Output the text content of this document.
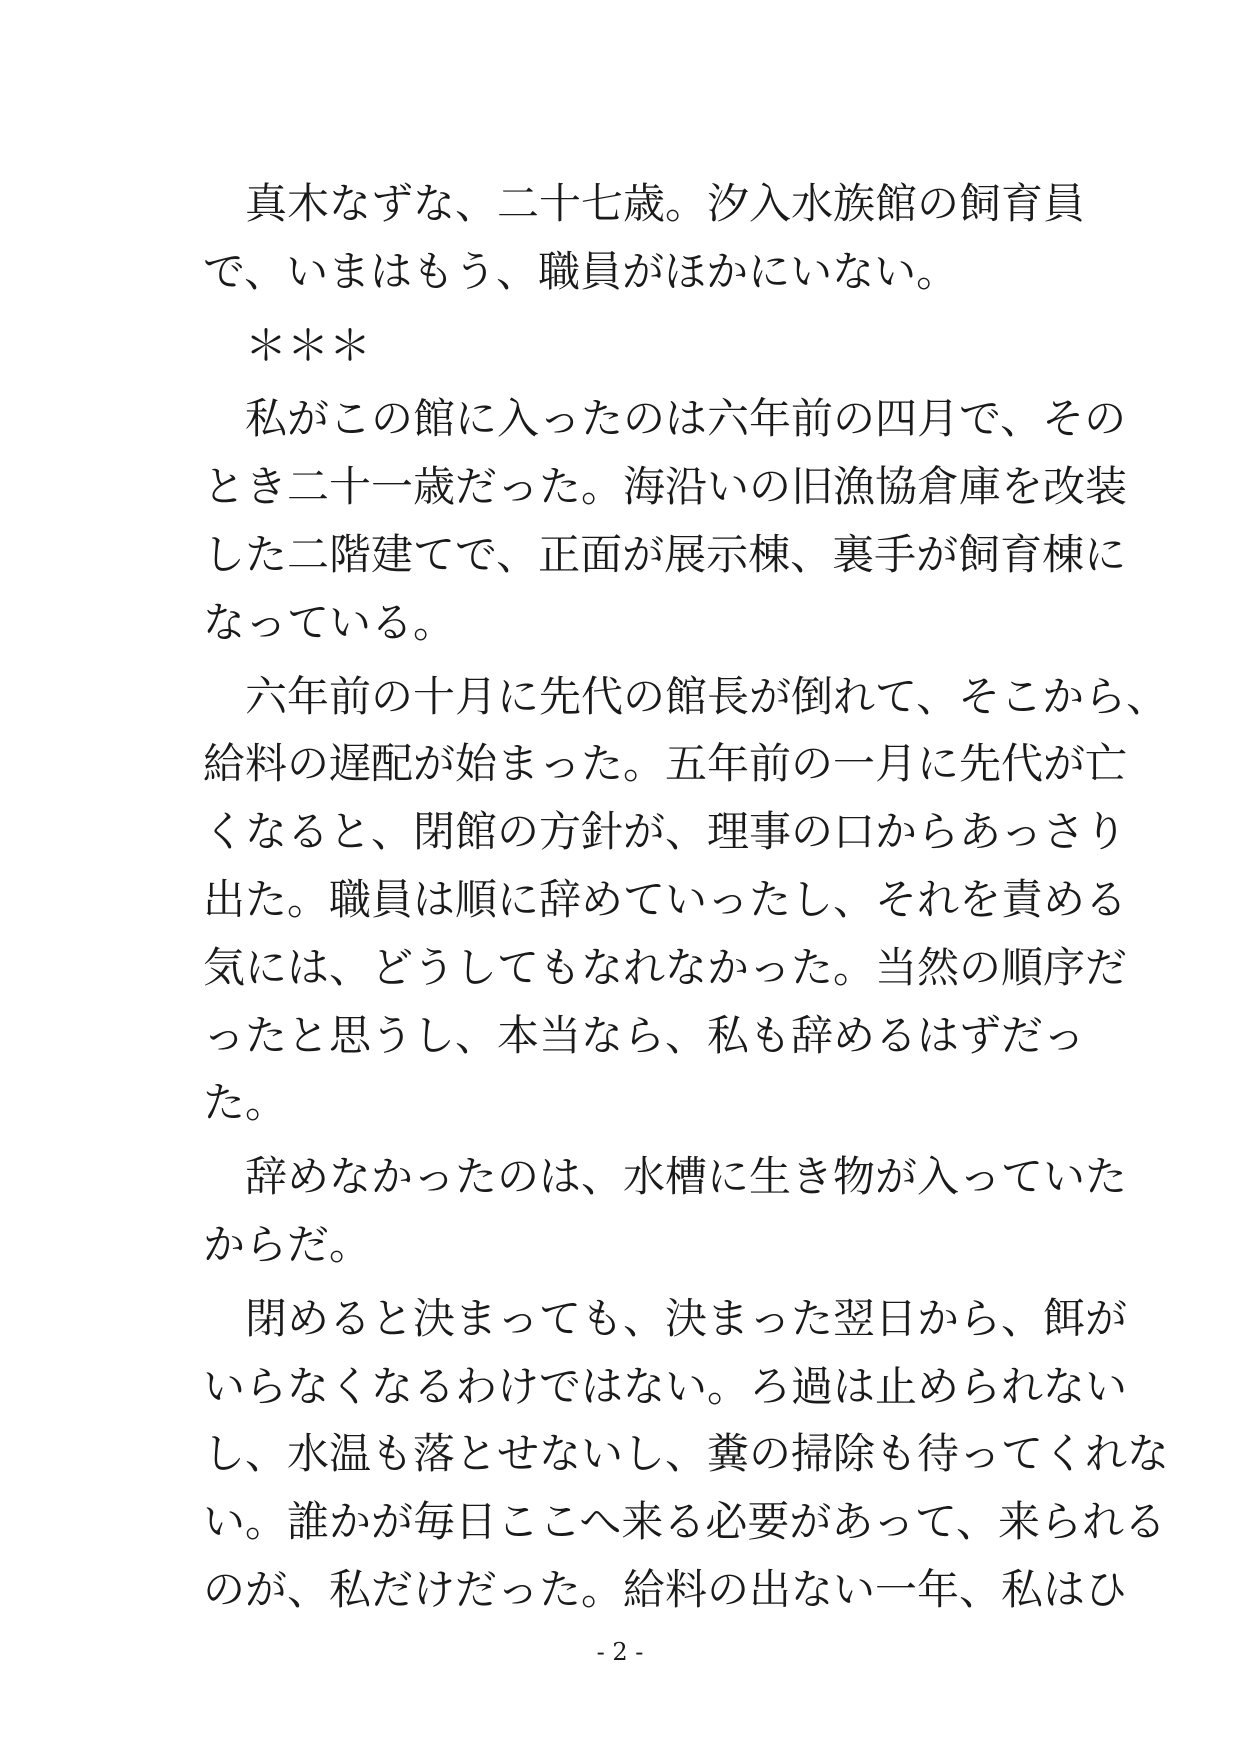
　真木なずな、二十七歳。汐入水族館の飼育員
で、いまはもう、職員がほかにいない。
　＊＊＊
　私がこの館に入ったのは六年前の四月で、その
とき二十一歳だった。海沿いの旧漁協倉庫を改装
した二階建てで、正面が展示棟、裏手が飼育棟に
なっている。
　六年前の十月に先代の館長が倒れて、そこから、
給料の遅配が始まった。五年前の一月に先代が亡
くなると、閉館の方針が、理事の口からあっさり
出た。職員は順に辞めていったし、それを責める
気には、どうしてもなれなかった。当然の順序だ
ったと思うし、本当なら、私も辞めるはずだっ
た。
　辞めなかったのは、水槽に生き物が入っていた
からだ。
　閉めると決まっても、決まった翌日から、餌が
いらなくなるわけではない。ろ過は止められない
し、水温も落とせないし、糞の掃除も待ってくれな
い。誰かが毎日ここへ来る必要があって、来られる
のが、私だけだった。給料の出ない一年、私はひ
- 2 -
